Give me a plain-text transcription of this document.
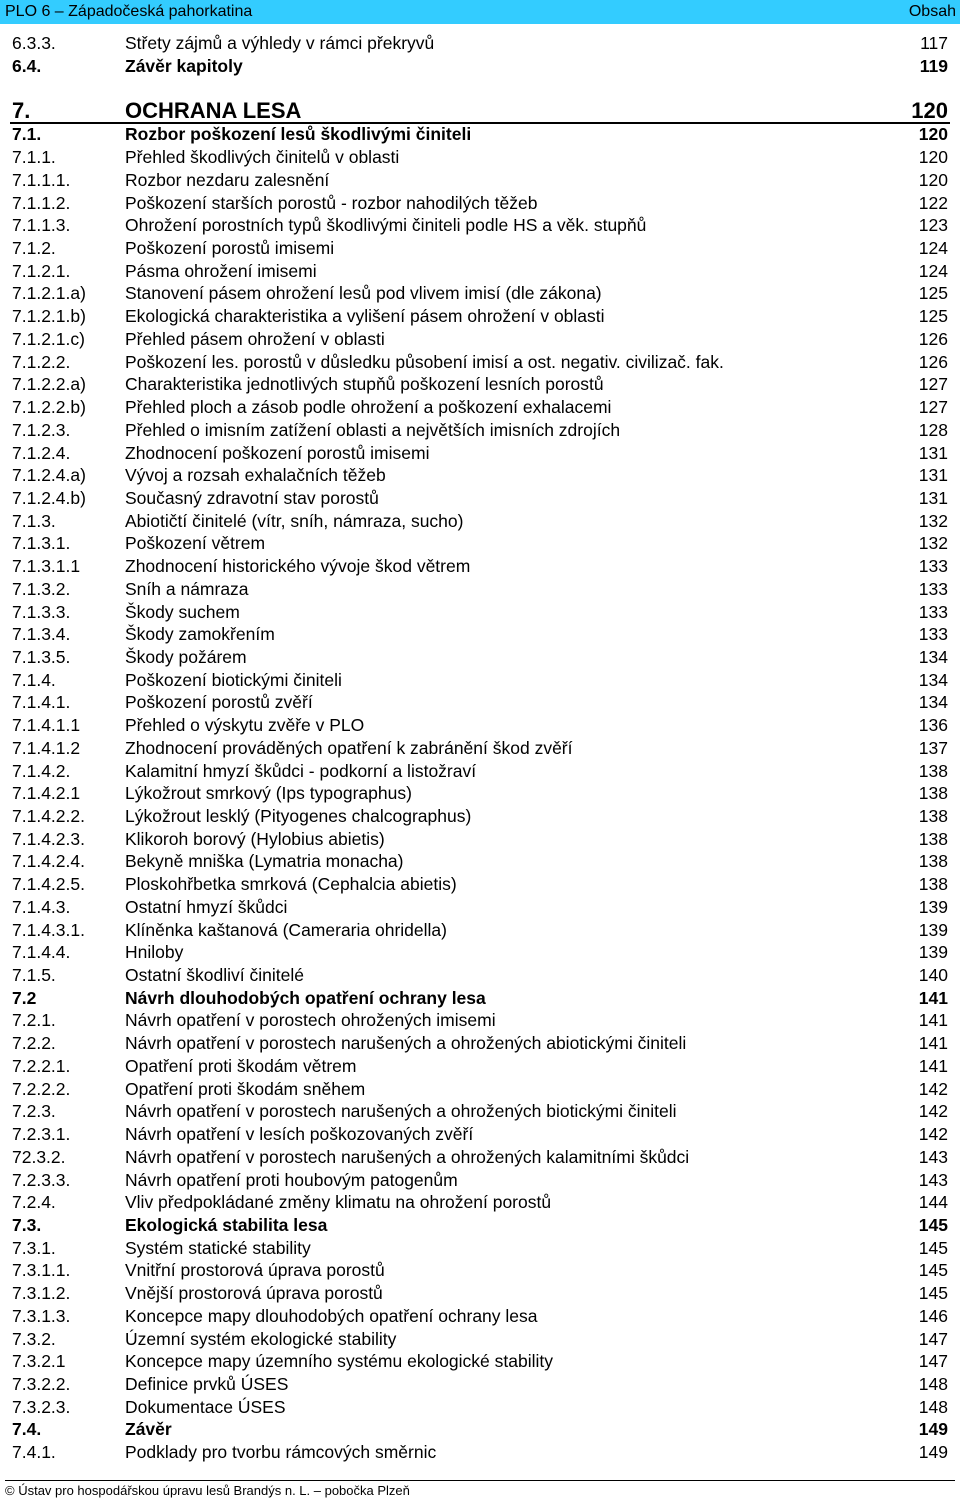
PLO 6 – Západočeská pahorkatina	Obsah
6.3.3.	Střety zájmů a výhledy v rámci překryvů	117
6.4.	Závěr kapitoly	119
7.	OCHRANA LESA	120
7.1.	Rozbor poškození lesů škodlivými činiteli	120
7.1.1.	Přehled škodlivých činitelů v oblasti	120
7.1.1.1.	Rozbor nezdaru zalesnění	120
7.1.1.2.	Poškození starších porostů - rozbor nahodilých těžeb	122
7.1.1.3.	Ohrožení porostních typů škodlivými činiteli podle HS a věk. stupňů	123
7.1.2.	Poškození porostů imisemi	124
7.1.2.1.	Pásma ohrožení imisemi	124
7.1.2.1.a) Stanovení pásem ohrožení lesů pod vlivem imisí (dle zákona)	125
7.1.2.1.b) Ekologická charakteristika a vylišení pásem ohrožení v oblasti	125
7.1.2.1.c) Přehled pásem ohrožení v oblasti	126
7.1.2.2.	Poškození les. porostů v důsledku působení imisí a ost. negativ. civilizač. fak.	126
7.1.2.2.a) Charakteristika jednotlivých stupňů poškození lesních porostů	127
7.1.2.2.b) Přehled ploch a zásob podle ohrožení a poškození exhalacemi	127
7.1.2.3.	Přehled o imisním zatížení oblasti a největších imisních zdrojích	128
7.1.2.4.	Zhodnocení poškození porostů imisemi	131
7.1.2.4.a) Vývoj a rozsah exhalačních těžeb	131
7.1.2.4.b) Současný zdravotní stav porostů	131
7.1.3.	Abiotičtí činitelé (vítr, sníh, námraza, sucho)	132
7.1.3.1.	Poškození větrem	132
7.1.3.1.1	Zhodnocení historického vývoje škod větrem	133
7.1.3.2.	Sníh a námraza	133
7.1.3.3.	Škody suchem	133
7.1.3.4.	Škody zamokřením	133
7.1.3.5.	Škody požárem	134
7.1.4.	Poškození biotickými činiteli	134
7.1.4.1.	Poškození porostů zvěří	134
7.1.4.1.1	Přehled o výskytu zvěře v PLO	136
7.1.4.1.2	Zhodnocení prováděných opatření k zabránění škod zvěří	137
7.1.4.2.	Kalamitní hmyzí škůdci - podkorní a listožraví	138
7.1.4.2.1	Lýkožrout smrkový (Ips typographus)	138
7.1.4.2.2. Lýkožrout lesklý (Pityogenes chalcographus)	138
7.1.4.2.3. Klikoroh borový (Hylobius abietis)	138
7.1.4.2.4. Bekyně mniška (Lymatria monacha)	138
7.1.4.2.5. Ploskohřbetka smrková (Cephalcia abietis)	138
7.1.4.3.	Ostatní hmyzí škůdci	139
7.1.4.3.1. Klíněnka kaštanová (Cameraria ohridella)	139
7.1.4.4.	Hniloby	139
7.1.5.	Ostatní škodliví činitelé	140
7.2	Návrh dlouhodobých opatření ochrany lesa	141
7.2.1.	Návrh opatření v porostech ohrožených imisemi	141
7.2.2.	Návrh opatření v porostech narušených a ohrožených abiotickými činiteli	141
7.2.2.1.	Opatření proti škodám větrem	141
7.2.2.2.	Opatření proti škodám sněhem	142
7.2.3.	Návrh opatření v porostech narušených a ohrožených biotickými činiteli	142
7.2.3.1.	Návrh opatření v lesích poškozovaných zvěří	142
72.3.2.	Návrh opatření v porostech narušených a ohrožených kalamitními škůdci	143
7.2.3.3.	Návrh opatření proti houbovým patogenům	143
7.2.4.	Vliv předpokládané změny klimatu na ohrožení porostů	144
7.3.	Ekologická stabilita lesa	145
7.3.1.	Systém statické stability	145
7.3.1.1.	Vnitřní prostorová úprava porostů	145
7.3.1.2.	Vnější prostorová úprava porostů	145
7.3.1.3.	Koncepce mapy dlouhodobých opatření ochrany lesa	146
7.3.2.	Územní systém ekologické stability	147
7.3.2.1	Koncepce mapy územního systému ekologické stability	147
7.3.2.2.	Definice prvků ÚSES	148
7.3.2.3.	Dokumentace ÚSES	148
7.4.	Závěr	149
7.4.1.	Podklady pro tvorbu rámcových směrnic	149
© Ústav pro hospodářskou úpravu lesů Brandýs n. L. – pobočka Plzeň
